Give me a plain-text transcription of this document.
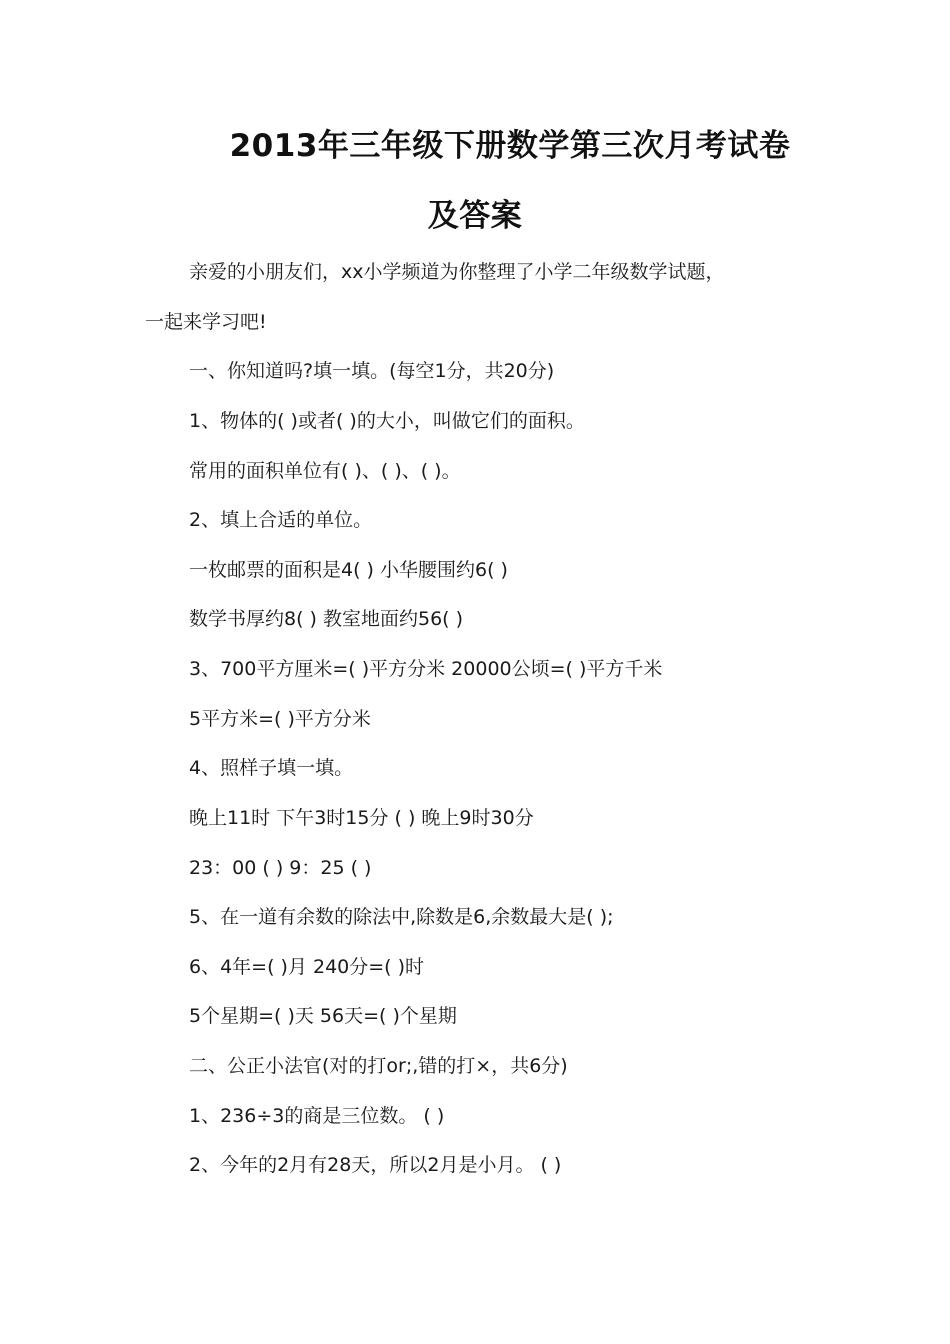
2013年三年级下册数学第三次月考试卷
及答案
亲爱的小朋友们，xx小学频道为你整理了小学二年级数学试题，
一起来学习吧!
一、你知道吗?填一填。(每空1分，共20分)
1、物体的( )或者( )的大小，叫做它们的面积。
常用的面积单位有( )、( )、( )。
2、填上合适的单位。
一枚邮票的面积是4( ) 小华腰围约6( )
数学书厚约8( ) 教室地面约56( )
3、700平方厘米=( )平方分米 20000公顷=( )平方千米
5平方米=( )平方分米
4、照样子填一填。
晚上11时 下午3时15分 ( ) 晚上9时30分
23：00 ( ) 9：25 ( )
5、在一道有余数的除法中,除数是6,余数最大是( );
6、4年=( )月 240分=( )时
5个星期=( )天 56天=( )个星期
二、公正小法官(对的打or;,错的打×，共6分)
1、236÷3的商是三位数。 ( )
2、今年的2月有28天，所以2月是小月。 ( )
